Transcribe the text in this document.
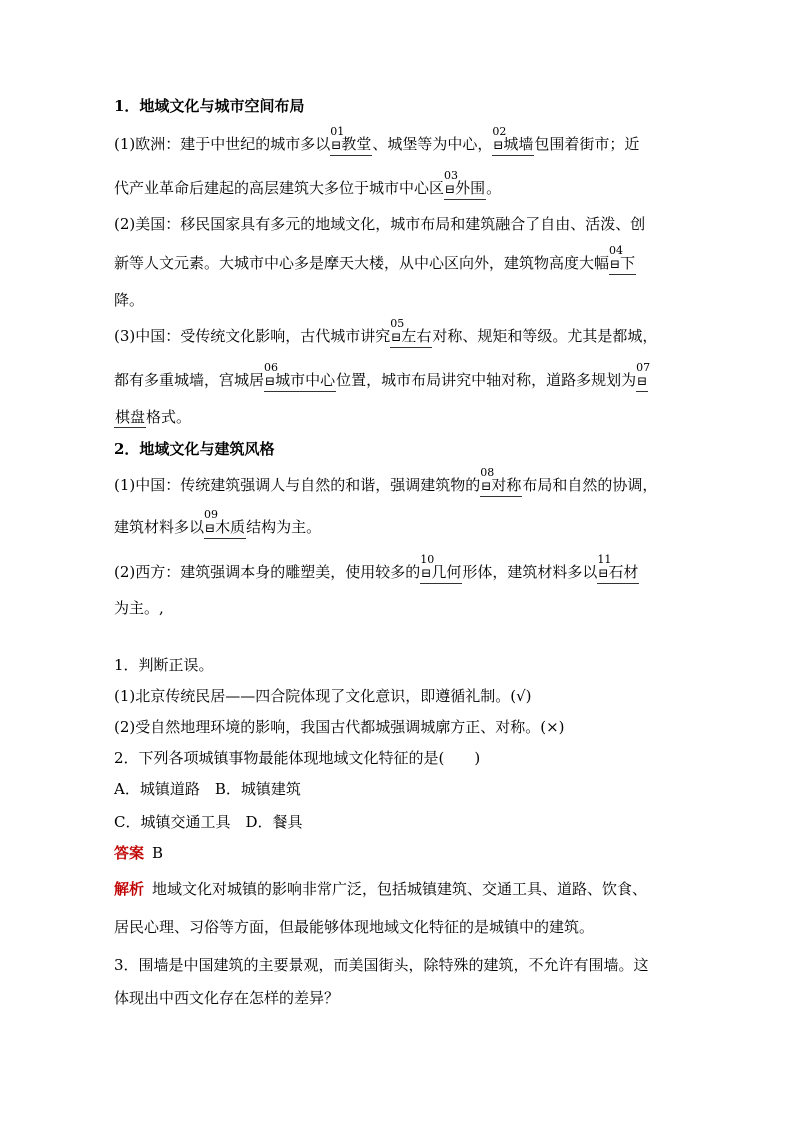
1．地域文化与城市空间布局
(1)欧洲：建于中世纪的城市多以
01
⊟教堂、城堡等为中心，
02
⊟城墙包围着街市；近
代产业革命后建起的高层建筑大多位于城市中心区
03
⊟外围。
(2)美国：移民国家具有多元的地域文化，城市布局和建筑融合了自由、活泼、创
新等人文元素。大城市中心多是摩天大楼，从中心区向外，建筑物高度大幅
04
⊟下
降。
(3)中国：受传统文化影响，古代城市讲究
05
⊟左右对称、规矩和等级。尤其是都城，
都有多重城墙，宫城居
06
⊟城市中心位置，城市布局讲究中轴对称，道路多规划为
07
⊟
棋盘格式。
2．地域文化与建筑风格
(1)中国：传统建筑强调人与自然的和谐，强调建筑物的
08
⊟对称布局和自然的协调，
建筑材料多以
09
⊟木质结构为主。
(2)西方：建筑强调本身的雕塑美，使用较多的
10
⊟几何形体，建筑材料多以
11
⊟石材
为主。,
1．判断正误。
(1)北京传统民居——四合院体现了文化意识，即遵循礼制。(√)
(2)受自然地理环境的影响，我国古代都城强调城廓方正、对称。(×)
2．下列各项城镇事物最能体现地域文化特征的是(　　)
A．城镇道路　B．城镇建筑
C．城镇交通工具　D．餐具
答案 B
解析 地域文化对城镇的影响非常广泛，包括城镇建筑、交通工具、道路、饮食、
居民心理、习俗等方面，但最能够体现地域文化特征的是城镇中的建筑。
3．围墙是中国建筑的主要景观，而美国街头，除特殊的建筑，不允许有围墙。这
体现出中西文化存在怎样的差异？
